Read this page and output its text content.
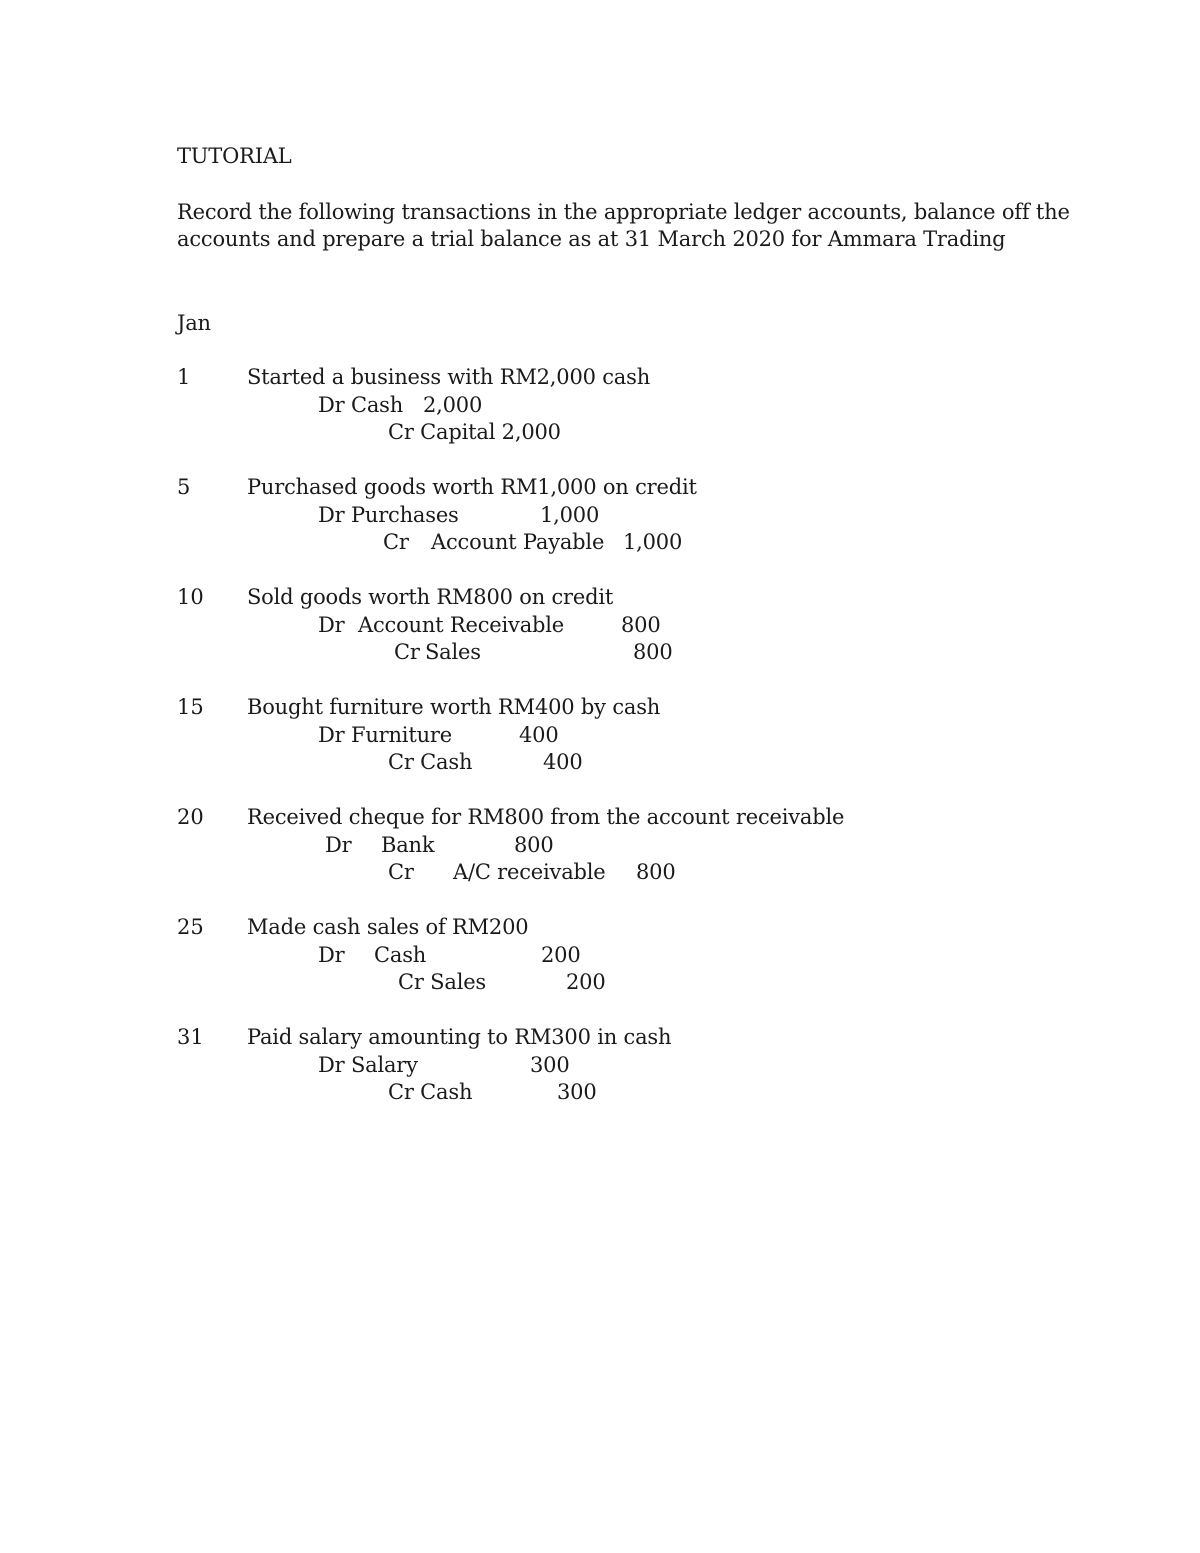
TUTORIAL
Record the following transactions in the appropriate ledger accounts, balance off the
accounts and prepare a trial balance as at 31 March 2020 for Ammara Trading
Jan
1	Started a business with RM2,000 cash
Dr Cash 2,000
Cr Capital 2,000
5	Purchased goods worth RM1,000 on credit
Dr Purchases	1,000
Cr Account Payable 1,000
10 Sold goods worth RM800 on credit
Dr Account Receivable	800
Cr Sales	800
15 Bought furniture worth RM400 by cash
Dr Furniture	400
Cr Cash	400
20 Received cheque for RM800 from the account receivable
Dr Bank	800
Cr A/C receivable 800
25 Made cash sales of RM200
Dr Cash	200
Cr Sales	200
31 Paid salary amounting to RM300 in cash
Dr Salary	300
Cr Cash	300
